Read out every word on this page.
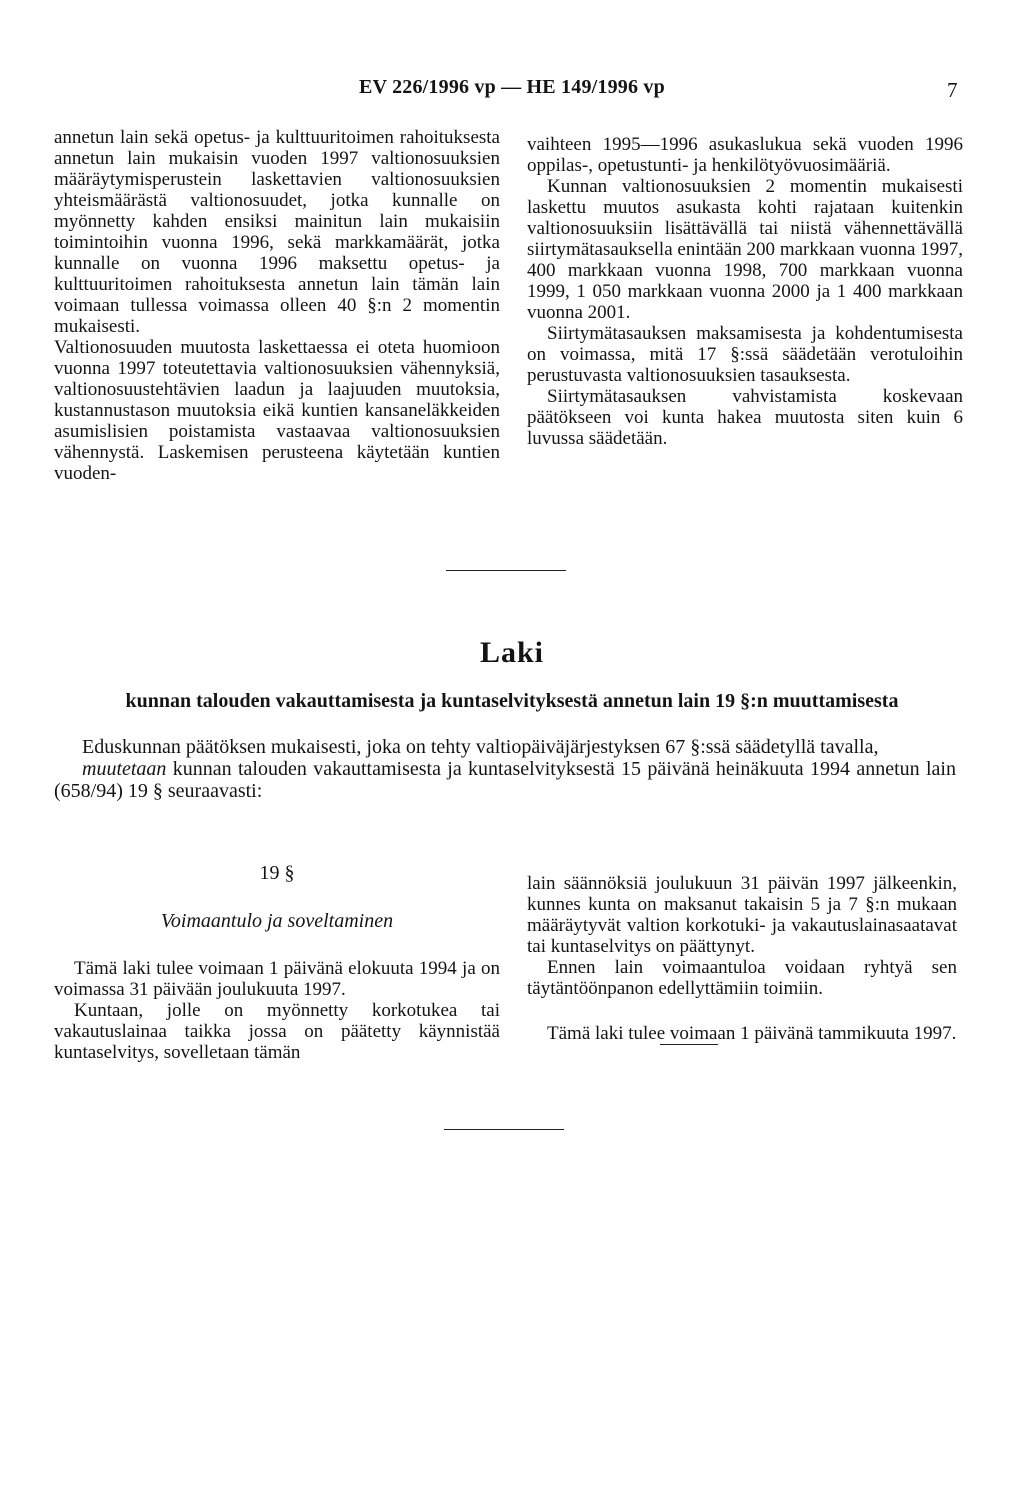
EV 226/1996 vp — HE 149/1996 vp	7

annetun lain sekä opetus- ja kulttuuritoimen rahoituksesta annetun lain mukaisin vuoden 1997 valtionosuuksien määräytymisperustein laskettavien valtionosuuksien yhteismäärästä valtionosuudet, jotka kunnalle on myönnetty kahden ensiksi mainitun lain mukaisiin toimintoihin vuonna 1996, sekä markkamäärät, jotka kunnalle on vuonna 1996 maksettu opetus- ja kulttuuritoimen rahoituksesta annetun lain tämän lain voimaan tullessa voimassa olleen 40 §:n 2 momentin mukaisesti.

Valtionosuuden muutosta laskettaessa ei oteta huomioon vuonna 1997 toteutettavia valtionosuuksien vähennyksiä, valtionosuustehtävien laadun ja laajuuden muutoksia, kustannustason muutoksia eikä kuntien kansaneläkkeiden asumislisien poistamista vastaavaa valtionosuuksien vähennystä. Laskemisen perusteena käytetään kuntien vuoden-

vaihteen 1995—1996 asukaslukua sekä vuoden 1996 oppilas-, opetustunti- ja henkilötyövuosimääriä.

Kunnan valtionosuuksien 2 momentin mukaisesti laskettu muutos asukasta kohti rajataan kuitenkin valtionosuuksiin lisättävällä tai niistä vähennettävällä siirtymätasauksella enintään 200 markkaan vuonna 1997, 400 markkaan vuonna 1998, 700 markkaan vuonna 1999, 1 050 markkaan vuonna 2000 ja 1 400 markkaan vuonna 2001.

Siirtymätasauksen maksamisesta ja kohdentumisesta on voimassa, mitä 17 §:ssä säädetään verotuloihin perustuvasta valtionosuuksien tasauksesta.

Siirtymätasauksen vahvistamista koskevaan päätökseen voi kunta hakea muutosta siten kuin 6 luvussa säädetään.

Laki
kunnan talouden vakauttamisesta ja kuntaselvityksestä annetun lain 19 §:n muuttamisesta

Eduskunnan päätöksen mukaisesti, joka on tehty valtiopäiväjärjestyksen 67 §:ssä säädetyllä tavalla,

muutetaan kunnan talouden vakauttamisesta ja kuntaselvityksestä 15 päivänä heinäkuuta 1994 annetun lain (658/94) 19 § seuraavasti:

19 §
Voimaantulo ja soveltaminen

Tämä laki tulee voimaan 1 päivänä elokuuta 1994 ja on voimassa 31 päivään joulukuuta 1997.

Kuntaan, jolle on myönnetty korkotukea tai vakautuslainaa taikka jossa on päätetty käynnistää kuntaselvitys, sovelletaan tämän

lain säännöksiä joulukuun 31 päivän 1997 jälkeenkin, kunnes kunta on maksanut takaisin 5 ja 7 §:n mukaan määräytyvät valtion korkotuki- ja vakautuslainasaatavat tai kuntaselvitys on päättynyt.

Ennen lain voimaantuloa voidaan ryhtyä sen täytäntöönpanon edellyttämiin toimiin.

Tämä laki tulee voimaan 1 päivänä tammikuuta 1997.
